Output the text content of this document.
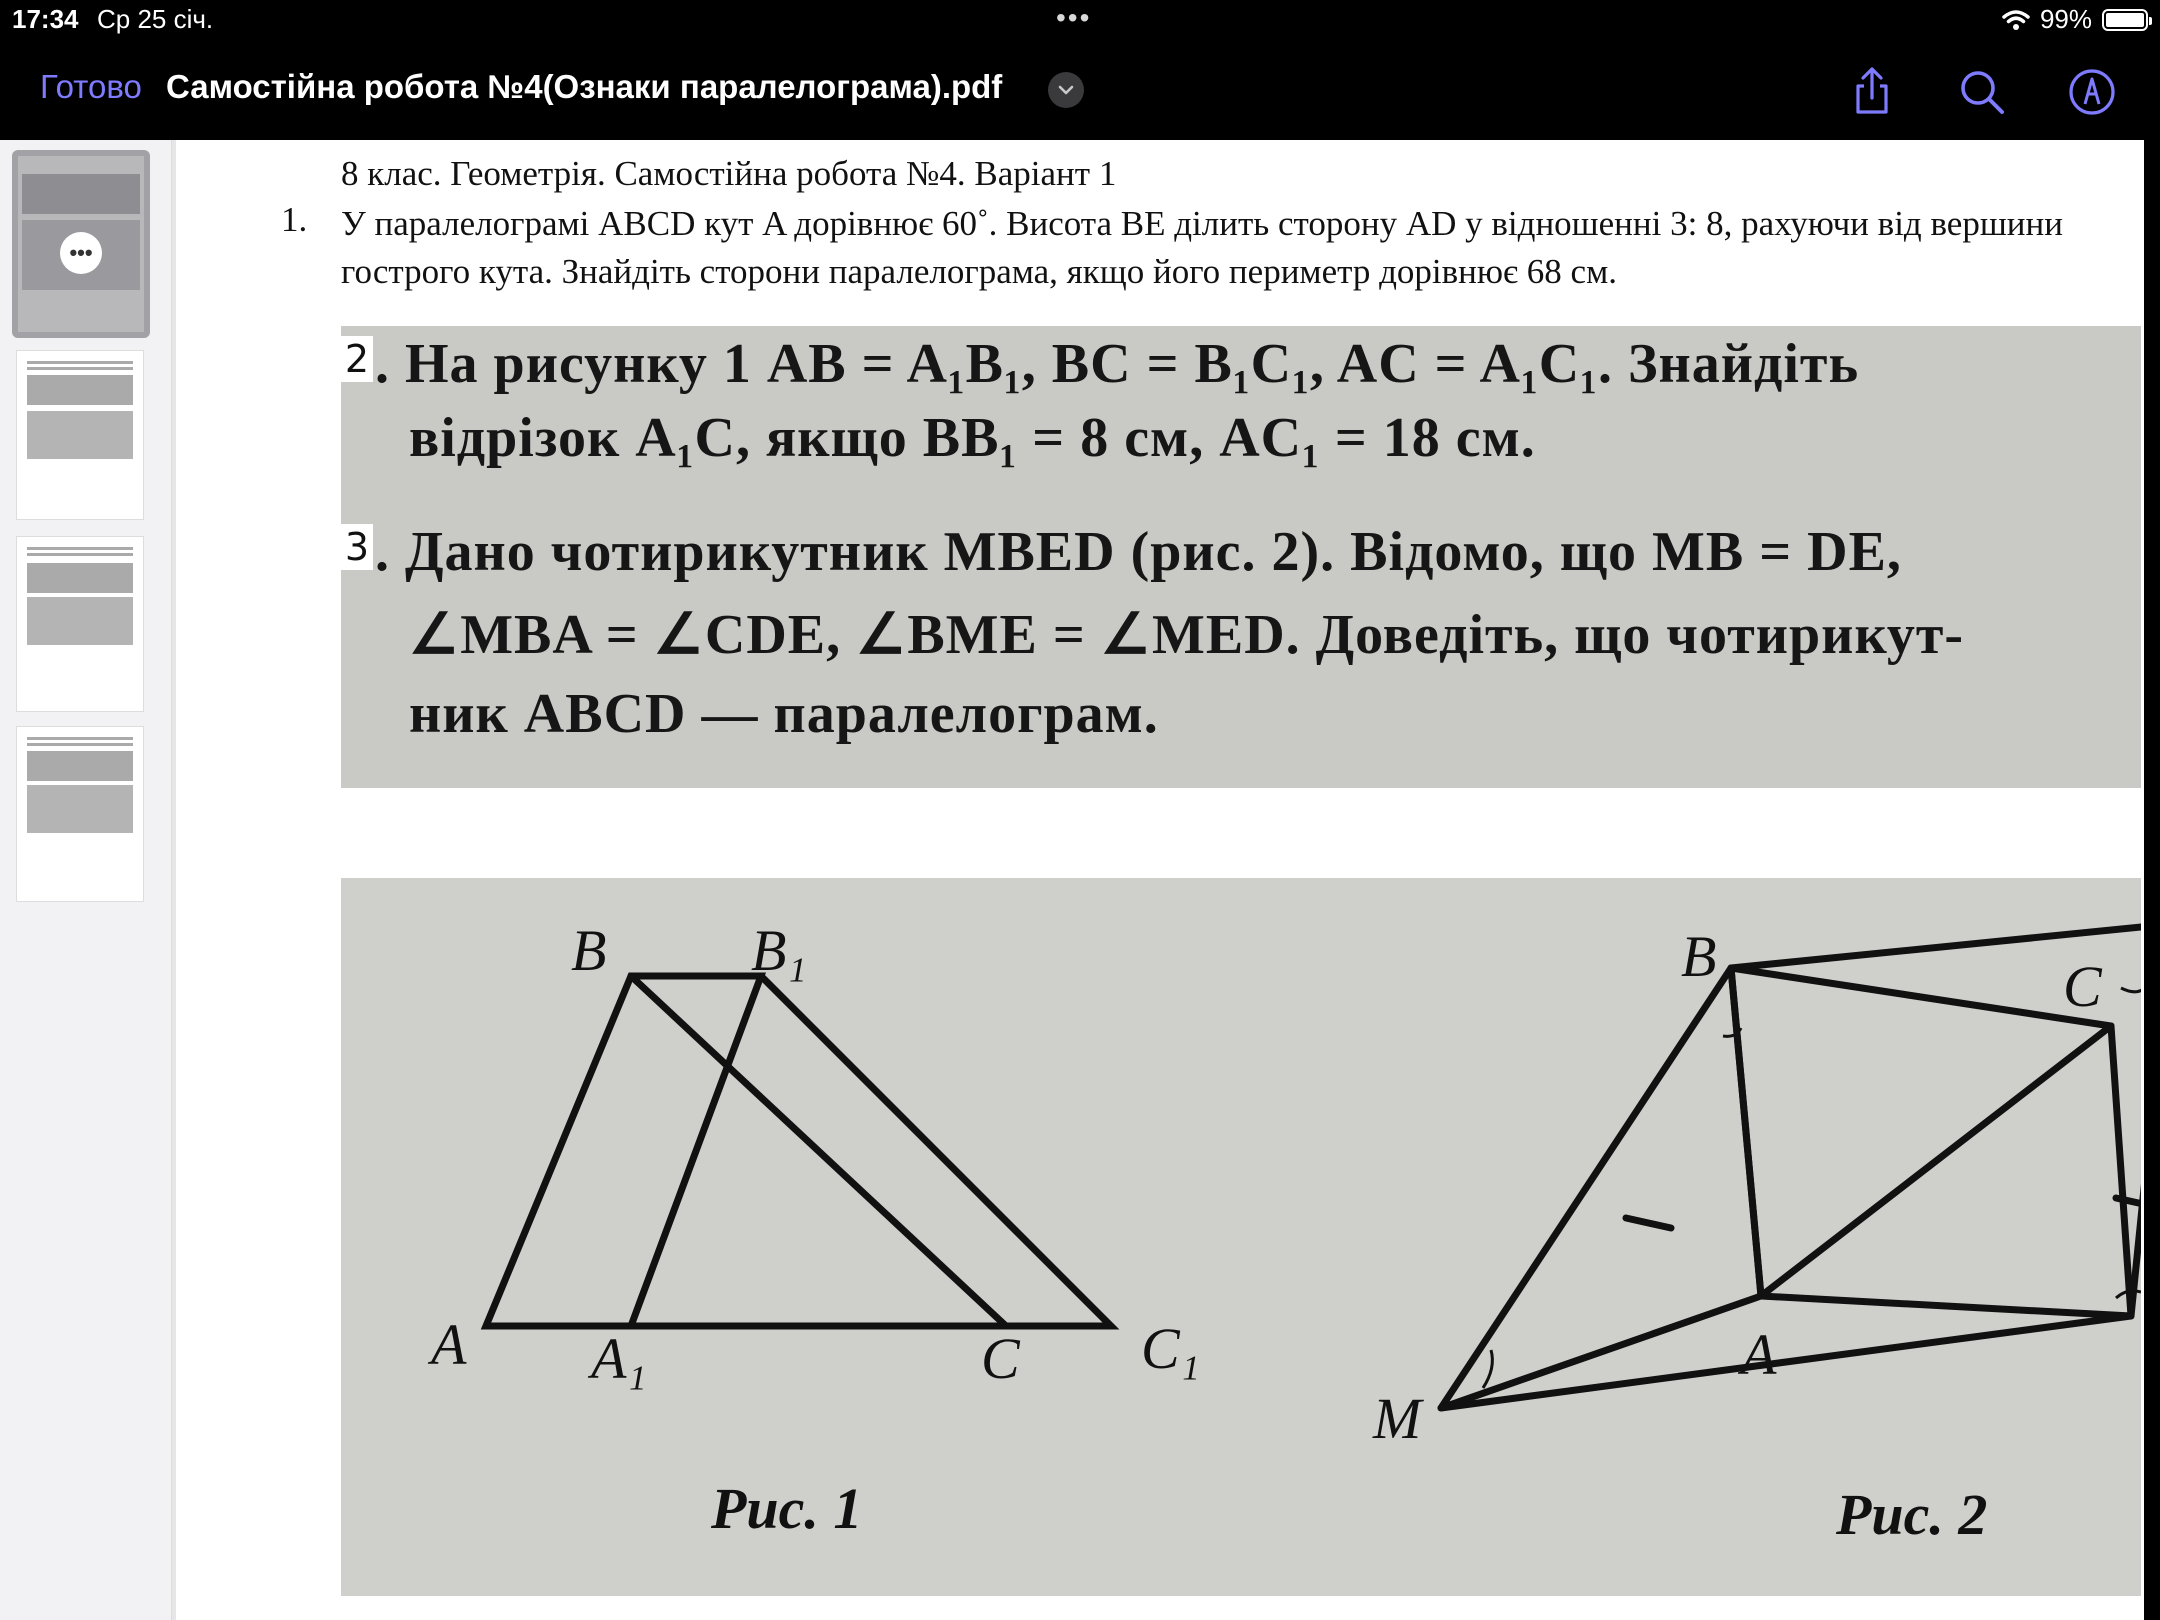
17:34 Ср 25 січ.	•••	99%
Готово Самостійна робота №4(Ознаки паралелограма).pdf
•••
8 клас. Геометрія. Самостійна робота №4. Варіант 1
1. У паралелограмі ABCD кут A дорівнює 60˚. Висота BE ділить сторону AD у відношенні 3: 8, рахуючи від вершини гострого кута. Знайдіть сторони паралелограма, якщо його периметр дорівнює 68 см.
2 . На рисунку 1 AB = A₁B₁, BC = B₁C₁, AC = A₁C₁. Знайдіть
відрізок A₁C, якщо BB₁ = 8 см, AC₁ = 18 см.
3 . Дано чотирикутник MBED (рис. 2). Відомо, що MB = DE,
∠MBA = ∠CDE, ∠BME = ∠MED. Доведіть, що чотирикут-
ник ABCD — паралелограм.
B B₁
A A₁	C C₁
Рис. 1
B	C
A
M
Рис. 2
